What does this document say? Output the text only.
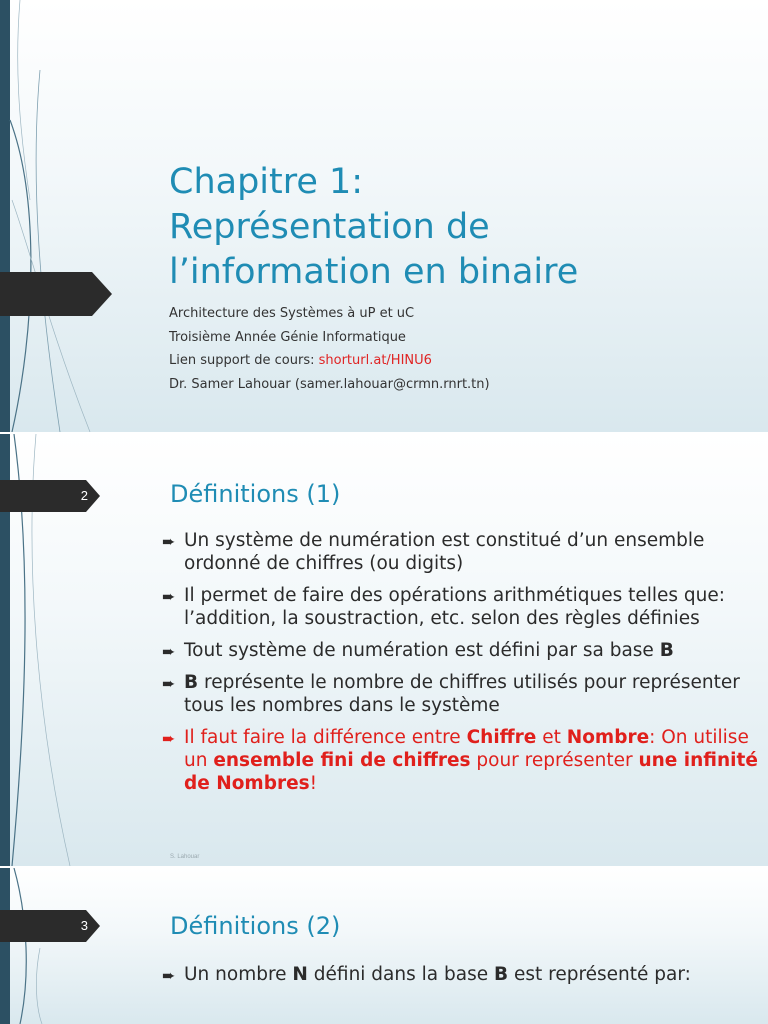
Chapitre 1:
Représentation de
l’information en binaire
Architecture des Systèmes à uP et uC
Troisième Année Génie Informatique
Lien support de cours: shorturl.at/HINU6
Dr. Samer Lahouar (samer.lahouar@crmn.rnrt.tn)
2	Définitions (1)
➨ Un système de numération est constitué d’un ensemble ordonné de chiffres (ou digits)
➨ Il permet de faire des opérations arithmétiques telles que: l’addition, la soustraction, etc. selon des règles définies
➨ Tout système de numération est défini par sa base B
➨ B représente le nombre de chiffres utilisés pour représenter tous les nombres dans le système
➨ Il faut faire la différence entre Chiffre et Nombre: On utilise un ensemble fini de chiffres pour représenter une infinité de Nombres!
S. Lahouar
3	Définitions (2)
➨ Un nombre N défini dans la base B est représenté par:
